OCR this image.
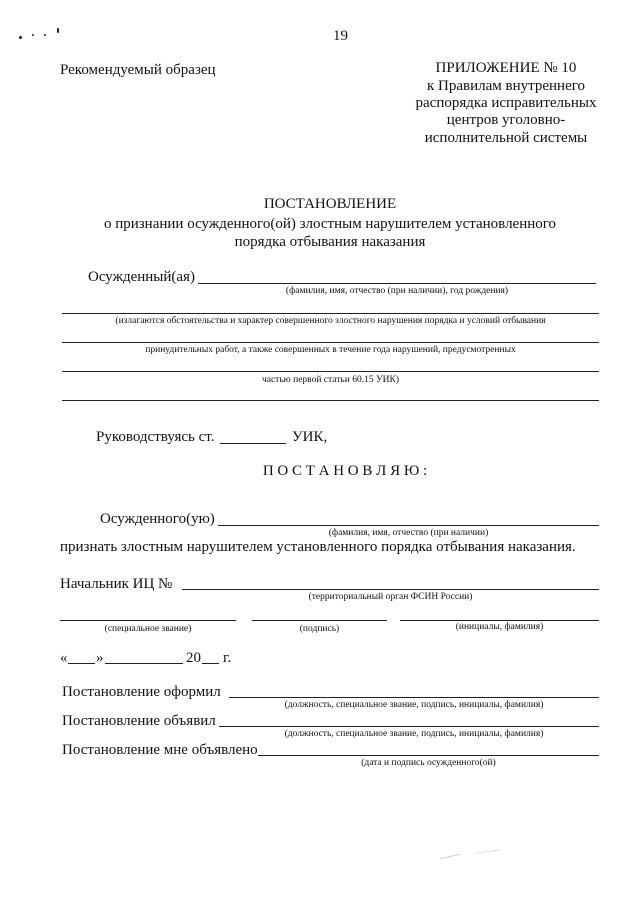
19
Рекомендуемый образец	ПРИЛОЖЕНИЕ № 10
к Правилам внутреннего
распорядка исправительных
центров уголовно-
исполнительной системы
ПОСТАНОВЛЕНИЕ
о признании осужденного(ой) злостным нарушителем установленного
порядка отбывания наказания
Осужденный(ая)
(фамилия, имя, отчество (при наличии), год рождения)
(излагаются обстоятельства и характер совершенного злостного нарушения порядка и условий отбывания
принудительных работ, а также совершенных в течение года нарушений, предусмотренных
частью первой статьи 60.15 УИК)
Руководствуясь ст.	УИК,
П О С Т А Н О В Л Я Ю :
Осужденного(ую)
(фамилия, имя, отчество (при наличии)
признать злостным нарушителем установленного порядка отбывания наказания.
Начальник ИЦ №
(территориальный орган ФСИН России)
(специальное звание)	(подпись)	(инициалы, фамилия)
« »	20 г.
Постановление оформил
(должность, специальное звание, подпись, инициалы, фамилия)
Постановление объявил
(должность, специальное звание, подпись, инициалы, фамилия)
Постановление мне объявлено
(дата и подпись осужденного(ой)
